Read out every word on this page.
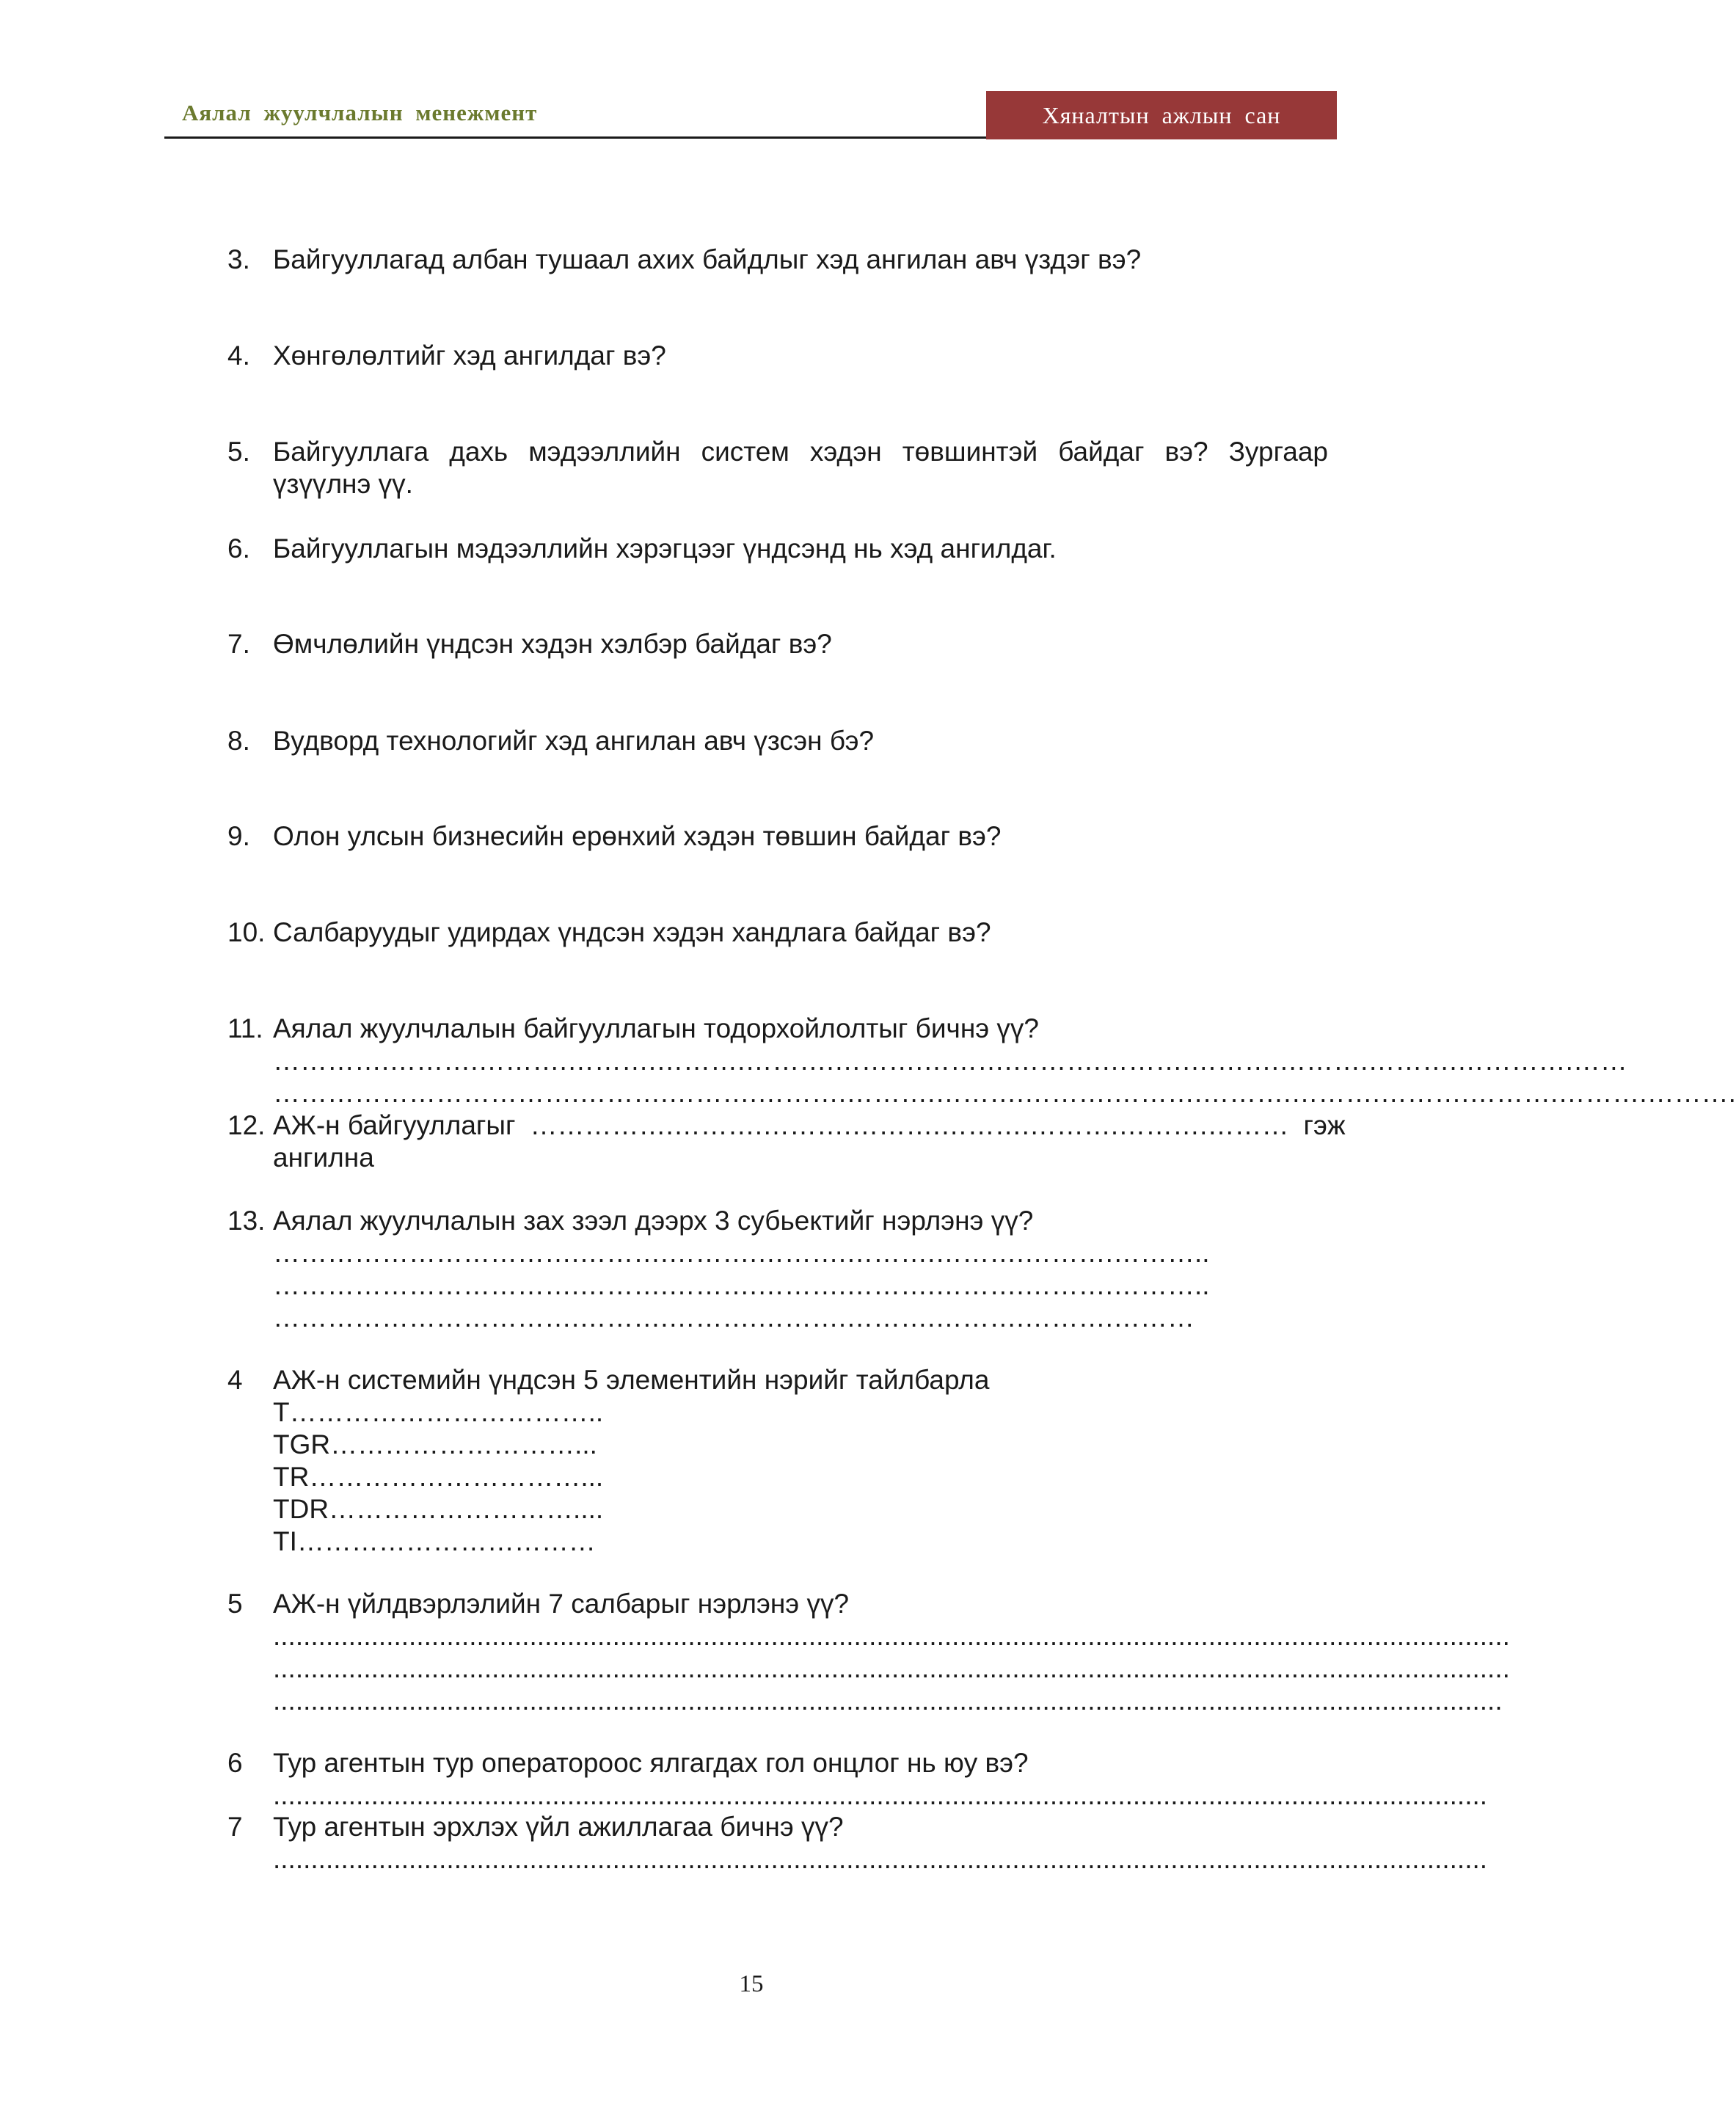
Аялал жуулчлалын менежмент	Хяналтын ажлын сан
3. Байгууллагад албан тушаал ахих байдлыг хэд ангилан авч үздэг вэ?
4. Хөнгөлөлтийг хэд ангилдаг вэ?
5. Байгууллага дахь мэдээллийн систем хэдэн төвшинтэй байдаг вэ? Зургаар үзүүлнэ үү.
6. Байгууллагын мэдээллийн хэрэгцээг үндсэнд нь хэд ангилдаг.
7. Өмчлөлийн үндсэн хэдэн хэлбэр байдаг вэ?
8. Вудворд технологийг хэд ангилан авч үзсэн бэ?
9. Олон улсын бизнесийн ерөнхий хэдэн төвшин байдаг вэ?
10. Салбаруудыг удирдах үндсэн хэдэн хандлага байдаг вэ?
11. Аялал жуулчлалын байгууллагын тодорхойлолтыг бичнэ үү?
………….……….……….……….……….……….……….……….……….……….……….……….……….………….……
…………………………….……….……….……….……….……….……….……….……….……….……….……….……….……….
12. АЖ-н байгууллагыг …………….……….……….……….……….……….……….……… гэж
ангилна
13. Аялал жуулчлалын зах зээл дээрх 3 субьектийг нэрлэнэ үү?
…………………………….……….……….……….……….……….……….………..
…………………………….……….……….……….……….……….……….………..
…………………………….……….……….……….……….……….……….………
4 АЖ-н системийн үндсэн 5 элементийн нэрийг тайлбарла
T……………………………..
TGR………………………...
TR…………………………...
TDR………………………....
TI……………………………
5 АЖ-н үйлдвэрлэлийн 7 салбарыг нэрлэнэ үү?
....................................................................................................................................................................
....................................................................................................................................................................
...................................................................................................................................................................
6 Тур агентын тур оператороос ялгагдах гол онцлог нь юу вэ?
.................................................................................................................................................................
7 Тур агентын эрхлэх үйл ажиллагаа бичнэ үү?
.................................................................................................................................................................
15
